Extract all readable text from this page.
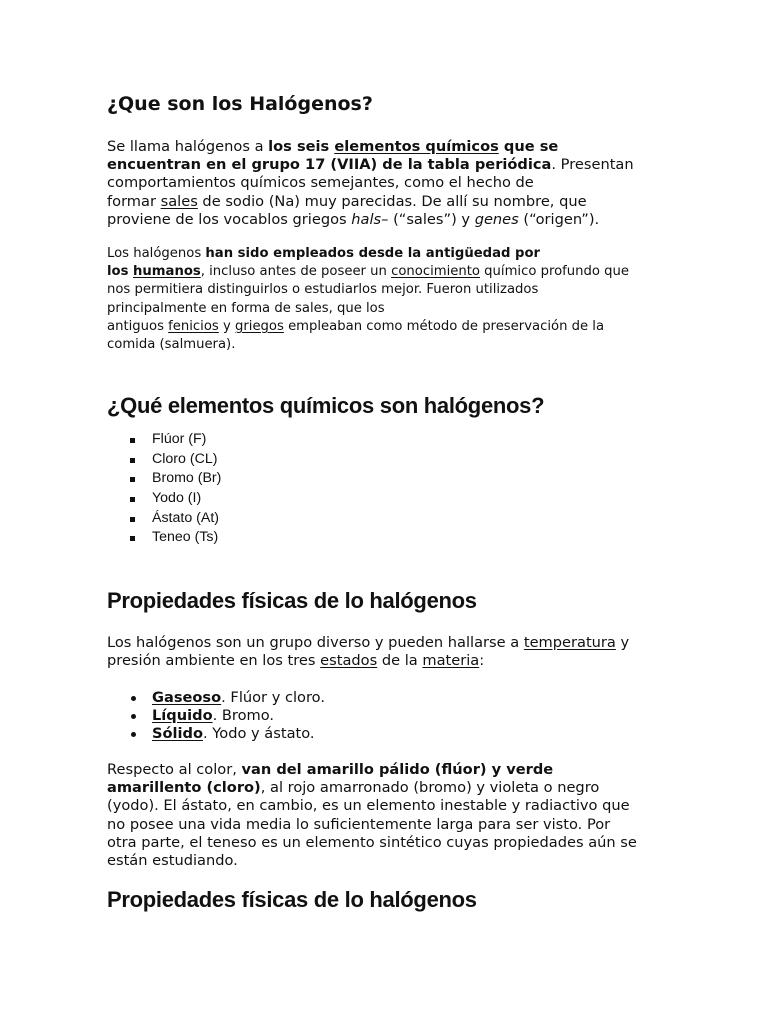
¿Que son los Halógenos?
Se llama halógenos a los seis elementos químicos que se
encuentran en el grupo 17 (VIIA) de la tabla periódica. Presentan
comportamientos químicos semejantes, como el hecho de
formar sales de sodio (Na) muy parecidas. De allí su nombre, que
proviene de los vocablos griegos hals– (“sales”) y genes (“origen”).
Los halógenos han sido empleados desde la antigüedad por
los humanos, incluso antes de poseer un conocimiento químico profundo que
nos permitiera distinguirlos o estudiarlos mejor. Fueron utilizados
principalmente en forma de sales, que los
antiguos fenicios y griegos empleaban como método de preservación de la
comida (salmuera).
¿Qué elementos químicos son halógenos?
Flúor (F)
Cloro (CL)
Bromo (Br)
Yodo (I)
Ástato (At)
Teneo (Ts)
Propiedades físicas de lo halógenos
Los halógenos son un grupo diverso y pueden hallarse a temperatura y
presión ambiente en los tres estados de la materia:
Gaseoso. Flúor y cloro.
Líquido. Bromo.
Sólido. Yodo y ástato.
Respecto al color, van del amarillo pálido (flúor) y verde
amarillento (cloro), al rojo amarronado (bromo) y violeta o negro
(yodo). El ástato, en cambio, es un elemento inestable y radiactivo que
no posee una vida media lo suficientemente larga para ser visto. Por
otra parte, el teneso es un elemento sintético cuyas propiedades aún se
están estudiando.
Propiedades físicas de lo halógenos
